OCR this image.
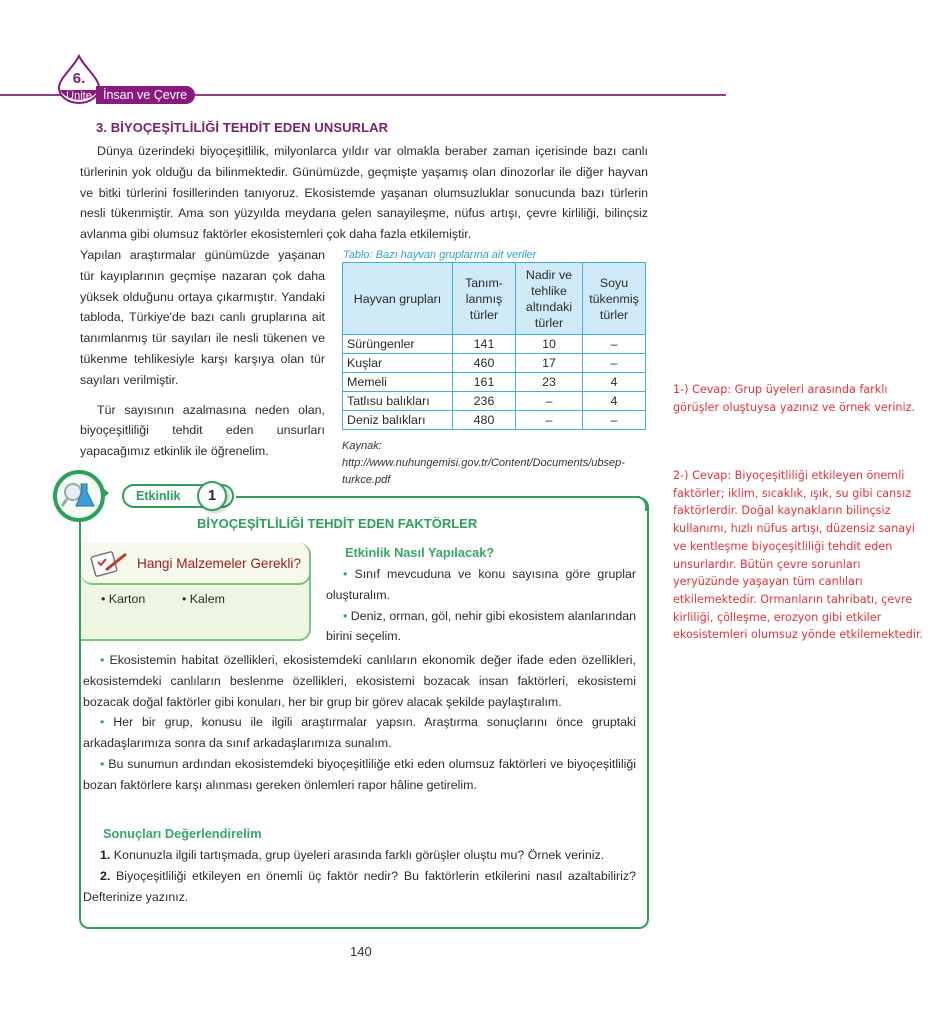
6.
Ünite İnsan ve Çevre
3. BİYOÇEŞİTLİLİĞİ TEHDİT EDEN UNSURLAR
Dünya üzerindeki biyoçeşitlilik, milyonlarca yıldır var olmakla beraber zaman içerisinde bazı canlı türlerinin yok olduğu da bilinmektedir. Günümüzde, geçmişte yaşamış olan dinozorlar ile diğer hayvan ve bitki türlerini fosillerinden tanıyoruz. Ekosistemde yaşanan olumsuzluklar sonucunda bazı türlerin nesli tükenmiştir. Ama son yüzyılda meydana gelen sanayileşme, nüfus artışı, çevre kirliliği, bilinçsiz avlanma gibi olumsuz faktörler ekosistemleri çok daha fazla etkilemiştir.

Yapılan araştırmalar günümüzde yaşanan tür kayıplarının geçmişe nazaran çok daha yüksek olduğunu ortaya çıkarmıştır. Yandaki tabloda, Türkiye'de bazı canlı gruplarına ait tanımlanmış tür sayıları ile nesli tükenen ve tükenme tehlikesiyle karşı karşıya olan tür sayıları verilmiştir.

Tür sayısının azalmasına neden olan, biyoçeşitliliği tehdit eden unsurları yapacağımız etkinlik ile öğrenelim.

Tablo: Bazı hayvan gruplarına ait veriler
Hayvan grupları	Tanım-lanmış türler	Nadir ve tehlike altındaki türler	Soyu tükenmiş türler
Sürüngenler	141	10	–
Kuşlar	460	17	–
Memeli	161	23	4
Tatlısu balıkları	236	–	4
Deniz balıkları	480	–	–
Kaynak: http://www.nuhungemisi.gov.tr/Content/Documents/ubsep-turkce.pdf
1-) Cevap: Grup üyeleri arasında farklı görüşler oluştuysa yazınız ve örnek veriniz.
2-) Cevap: Biyoçeşitliliği etkileyen önemli faktörler; iklim, sıcaklık, ışık, su gibi cansız faktörlerdir. Doğal kaynakların bilinçsiz kullanımı, hızlı nüfus artışı, düzensiz sanayi ve kentleşme biyoçeşitliliği tehdit eden unsurlardır. Bütün çevre sorunları yeryüzünde yaşayan tüm canlıları etkilemektedir. Ormanların tahribatı, çevre kirliliği, çölleşme, erozyon gibi etkiler ekosistemleri olumsuz yönde etkilemektedir.
Etkinlik	1
BİYOÇEŞİTLİLİĞİ TEHDİT EDEN FAKTÖRLER
Hangi Malzemeler Gerekli?
• Karton	• Kalem
Etkinlik Nasıl Yapılacak?

• Sınıf mevcuduna ve konu sayısına göre gruplar oluşturalım.

• Deniz, orman, göl, nehir gibi ekosistem alanlarından birini seçelim.

• Ekosistemin habitat özellikleri, ekosistemdeki canlıların ekonomik değer ifade eden özellikleri, ekosistemdeki canlıların beslenme özellikleri, ekosistemi bozacak insan faktörleri, ekosistemi bozacak doğal faktörler gibi konuları, her bir grup bir görev alacak şekilde paylaştıralım.

• Her bir grup, konusu ile ilgili araştırmalar yapsın. Araştırma sonuçlarını önce gruptaki arkadaşlarımıza sonra da sınıf arkadaşlarımıza sunalım.

• Bu sunumun ardından ekosistemdeki biyoçeşitliliğe etki eden olumsuz faktörleri ve biyoçeşitliliği bozan faktörlere karşı alınması gereken önlemleri rapor hâline getirelim.

Sonuçları Değerlendirelim

1. Konunuzla ilgili tartışmada, grup üyeleri arasında farklı görüşler oluştu mu? Örnek veriniz.

2. Biyoçeşitliliği etkileyen en önemli üç faktör nedir? Bu faktörlerin etkilerini nasıl azaltabiliriz? Defterinize yazınız.

140
